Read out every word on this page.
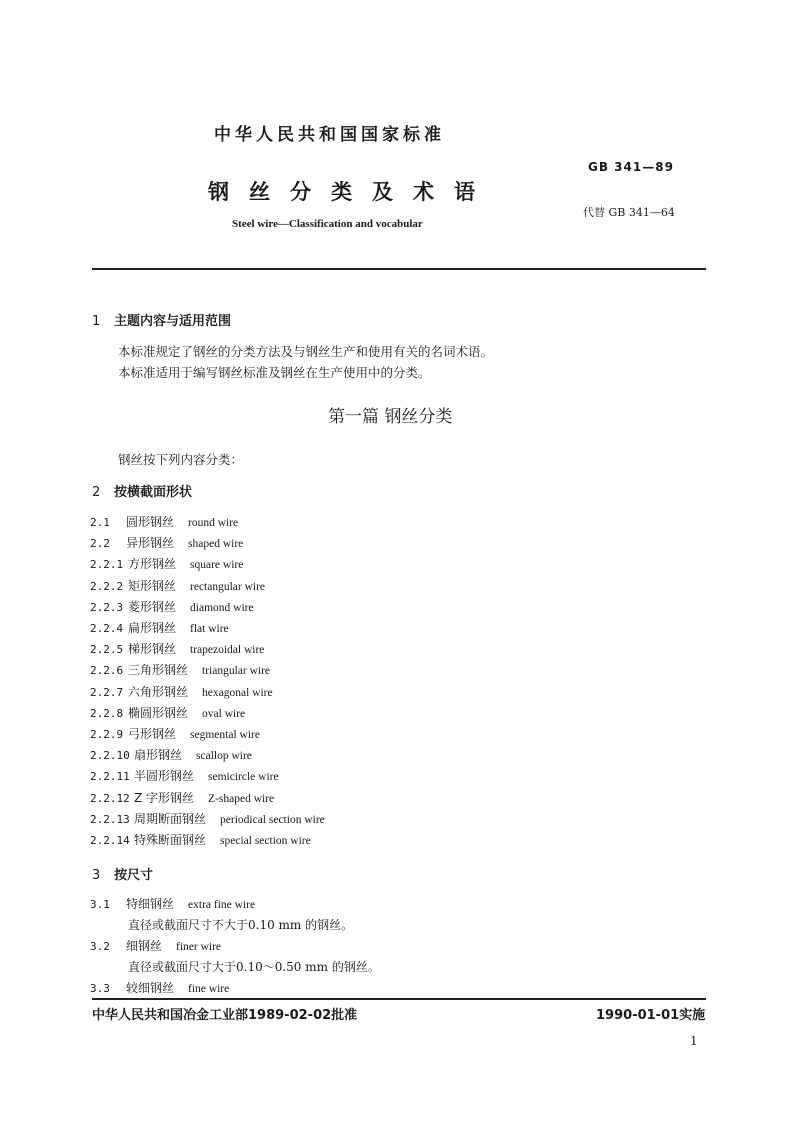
中华人民共和国国家标准
GB 341—89
钢丝分类及术语
代替 GB 341—64
Steel wire—Classification and vocabular
1 主题内容与适用范围
本标准规定了钢丝的分类方法及与钢丝生产和使用有关的名词术语。
本标准适用于编写钢丝标准及钢丝在生产使用中的分类。
第一篇 钢丝分类
钢丝按下列内容分类：
2 按横截面形状
2.1 圆形钢丝 round wire
2.2 异形钢丝 shaped wire
2.2.1 方形钢丝 square wire
2.2.2 矩形钢丝 rectangular wire
2.2.3 菱形钢丝 diamond wire
2.2.4 扁形钢丝 flat wire
2.2.5 梯形钢丝 trapezoidal wire
2.2.6 三角形钢丝 triangular wire
2.2.7 六角形钢丝 hexagonal wire
2.2.8 椭圆形钢丝 oval wire
2.2.9 弓形钢丝 segmental wire
2.2.10 扇形钢丝 scallop wire
2.2.11 半圆形钢丝 semicircle wire
2.2.12 Z 字形钢丝 Z-shaped wire
2.2.13 周期断面钢丝 periodical section wire
2.2.14 特殊断面钢丝 special section wire
3 按尺寸
3.1 特细钢丝 extra fine wire
直径或截面尺寸不大于0.10 mm 的钢丝。
3.2 细钢丝 finer wire
直径或截面尺寸大于0.10～0.50 mm 的钢丝。
3.3 较细钢丝 fine wire
中华人民共和国冶金工业部1989-02-02批准	1990-01-01实施
1
